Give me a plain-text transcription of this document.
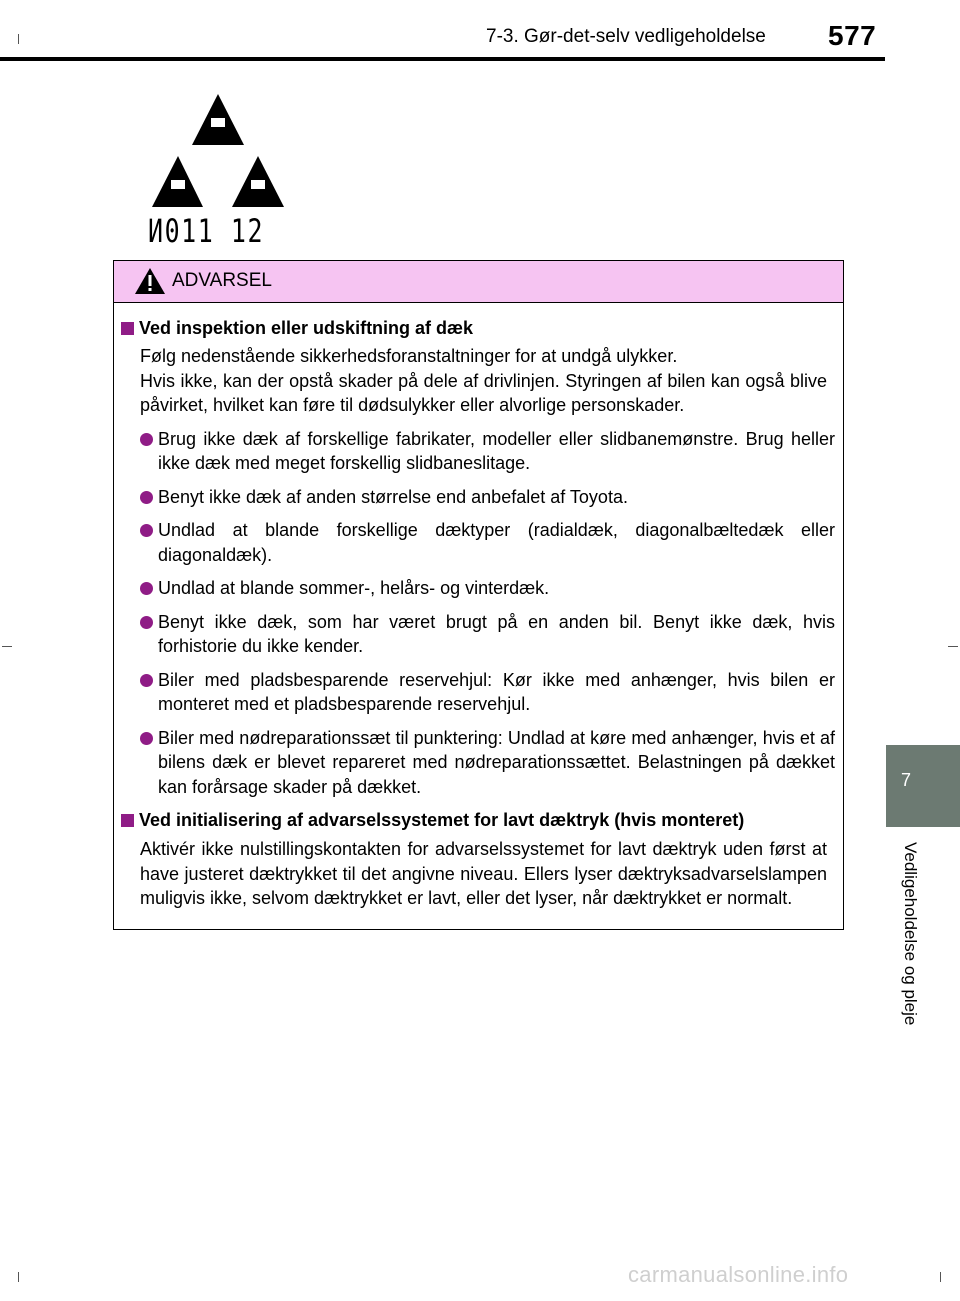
7-3. Gør-det-selv vedligeholdelse 577
7
Vedligeholdelse og pleje
И011 12
ADVARSEL
Ved inspektion eller udskiftning af dæk
Følg nedenstående sikkerhedsforanstaltninger for at undgå ulykker.
Hvis ikke, kan der opstå skader på dele af drivlinjen. Styringen af bilen kan også blive påvirket, hvilket kan føre til dødsulykker eller alvorlige personskader.
Brug ikke dæk af forskellige fabrikater, modeller eller slidbanemønstre. Brug heller ikke dæk med meget forskellig slidbaneslitage.
Benyt ikke dæk af anden størrelse end anbefalet af Toyota.
Undlad at blande forskellige dæktyper (radialdæk, diagonalbæltedæk eller diagonaldæk).
Undlad at blande sommer-, helårs- og vinterdæk.
Benyt ikke dæk, som har været brugt på en anden bil. Benyt ikke dæk, hvis forhistorie du ikke kender.
Biler med pladsbesparende reservehjul: Kør ikke med anhænger, hvis bilen er monteret med et pladsbesparende reservehjul.
Biler med nødreparationssæt til punktering: Undlad at køre med anhænger, hvis et af bilens dæk er blevet repareret med nødreparationssættet. Belastningen på dækket kan forårsage skader på dækket.
Ved initialisering af advarselssystemet for lavt dæktryk (hvis monteret)
Aktivér ikke nulstillingskontakten for advarselssystemet for lavt dæktryk uden først at have justeret dæktrykket til det angivne niveau. Ellers lyser dæktryksadvarselslampen muligvis ikke, selvom dæktrykket er lavt, eller det lyser, når dæktrykket er normalt.
carmanualsonline.info
